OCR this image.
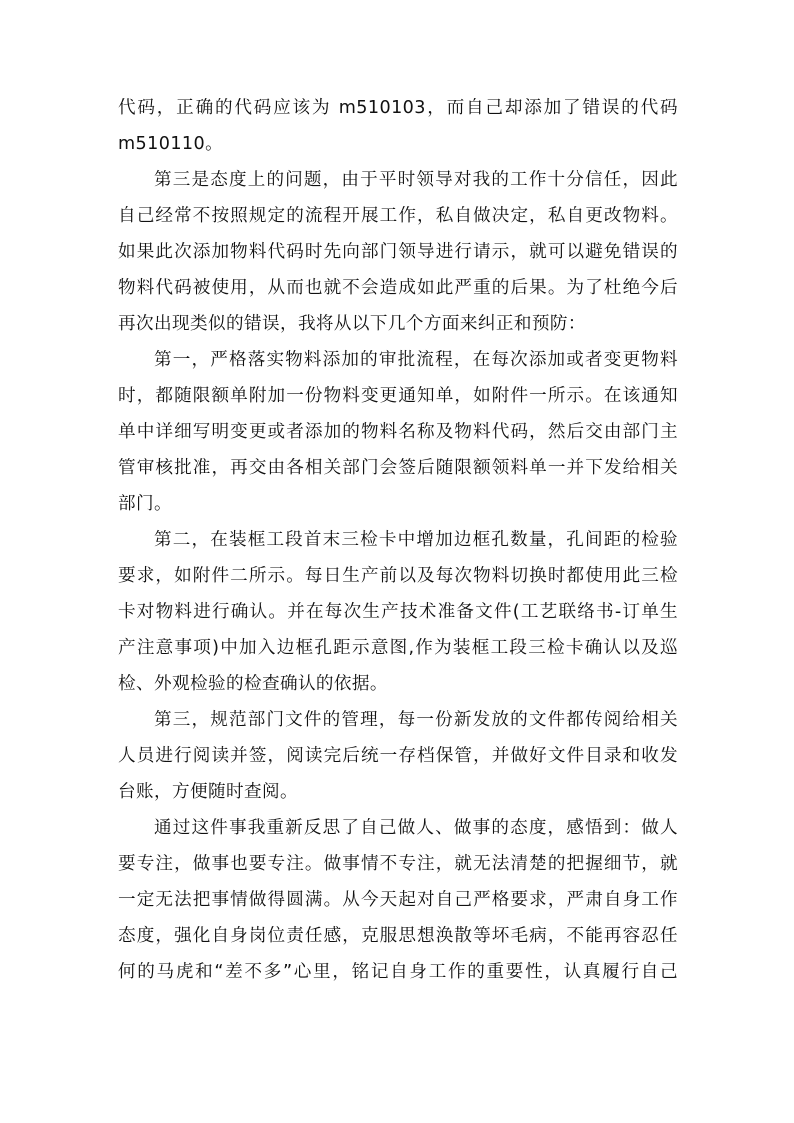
代码，正确的代码应该为 m510103，而自己却添加了错误的代码
m510110。
第三是态度上的问题，由于平时领导对我的工作十分信任，因此
自己经常不按照规定的流程开展工作，私自做决定，私自更改物料。
如果此次添加物料代码时先向部门领导进行请示，就可以避免错误的
物料代码被使用，从而也就不会造成如此严重的后果。为了杜绝今后
再次出现类似的错误，我将从以下几个方面来纠正和预防：
第一，严格落实物料添加的审批流程，在每次添加或者变更物料
时，都随限额单附加一份物料变更通知单，如附件一所示。在该通知
单中详细写明变更或者添加的物料名称及物料代码，然后交由部门主
管审核批准，再交由各相关部门会签后随限额领料单一并下发给相关
部门。
第二，在装框工段首末三检卡中增加边框孔数量，孔间距的检验
要求，如附件二所示。每日生产前以及每次物料切换时都使用此三检
卡对物料进行确认。并在每次生产技术准备文件(工艺联络书-订单生
产注意事项)中加入边框孔距示意图,作为装框工段三检卡确认以及巡
检、外观检验的检查确认的依据。
第三，规范部门文件的管理，每一份新发放的文件都传阅给相关
人员进行阅读并签，阅读完后统一存档保管，并做好文件目录和收发
台账，方便随时查阅。
通过这件事我重新反思了自己做人、做事的态度，感悟到：做人
要专注，做事也要专注。做事情不专注，就无法清楚的把握细节，就
一定无法把事情做得圆满。从今天起对自己严格要求，严肃自身工作
态度，强化自身岗位责任感，克服思想涣散等坏毛病，不能再容忍任
何的马虎和“差不多”心里，铭记自身工作的重要性，认真履行自己
